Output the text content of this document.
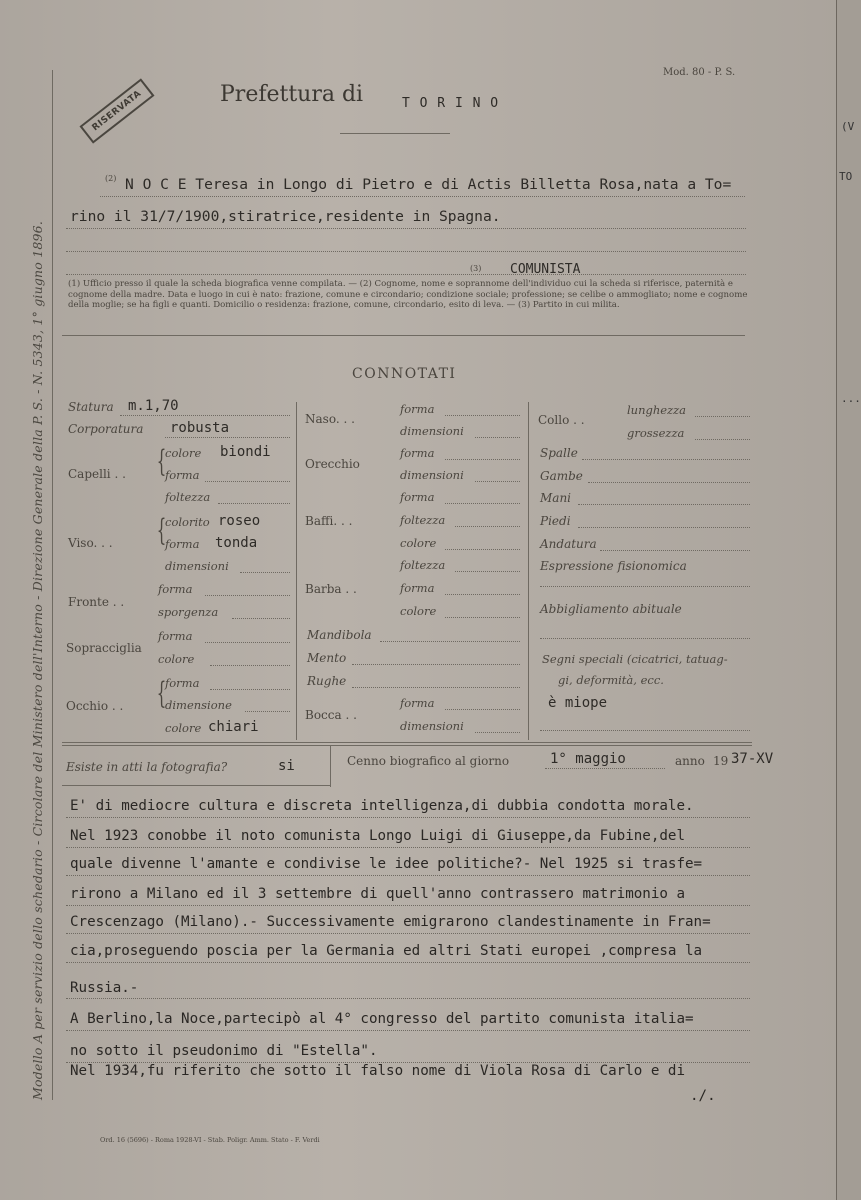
Modello A per servizio dello schedario - Circolare del Ministero dell'Interno - Direzione Generale della P. S. - N. 5343, 1° giugno 1896.
RISERVATA
Mod. 80 - P. S.
Prefettura di	T O R I N O
(2) N O C E Teresa in Longo di Pietro e di Actis Billetta Rosa,nata a To=
rino il 31/7/1900,stiratrice,residente in Spagna.
(3) COMUNISTA
(1) Ufficio presso il quale la scheda biografica venne compilata. — (2) Cognome, nome e soprannome dell'individuo cui la scheda si riferisce, paternità e cognome della madre. Data e luogo in cui è nato: frazione, comune e circondario; condizione sociale; professione; se celibe o ammogliato; nome e cognome della moglie; se ha figli e quanti. Domicilio o residenza: frazione, comune, circondario, esito di leva. — (3) Partito in cui milita.
CONNOTATI
Statura m.1,70
Corporatura robusta
Capelli . . {
colore biondi
forma
foltezza
Viso. . . {
colorito roseo
forma tonda
dimensioni
Fronte . .
forma
sporgenza
Sopracciglia
forma
colore
Occhio . . {
forma
dimensione
colore chiari
Naso. . .
forma
dimensioni
Orecchio
forma
dimensioni
forma
Baffi. . .	foltezza
colore
foltezza
Barba . .	forma
colore
Mandibola
Mento
Rughe
Bocca . .
forma
dimensioni
Collo . .
lunghezza
grossezza
Spalle
Gambe
Mani
Piedi
Andatura
Espressione fisionomica
Abbigliamento abituale
Segni speciali (cicatrici, tatuag-
gi, deformità, ecc.
è miope
Esiste in atti la fotografia?	si	Cenno biografico al giorno	1° maggio	anno 19 37-XV
E' di mediocre cultura e discreta intelligenza,di dubbia condotta morale.
Nel 1923 conobbe il noto comunista Longo Luigi di Giuseppe,da Fubine,del
quale divenne l'amante e condivise le idee politiche?- Nel 1925 si trasfe=
rirono a Milano ed il 3 settembre di quell'anno contrassero matrimonio a
Crescenzago (Milano).- Successivamente emigrarono clandestinamente in Fran=
cia,proseguendo poscia per la Germania ed altri Stati europei ,compresa la
Russia.-
A Berlino,la Noce,partecipò al 4° congresso del partito comunista italia=
no sotto il pseudonimo di "Estella".
Nel 1934,fu riferito che sotto il falso nome di Viola Rosa di Carlo e di
./.
Ord. 16 (5696) - Roma 1928-VI - Stab. Poligr. Amm. Stato - F. Verdi
(V
TO
...
